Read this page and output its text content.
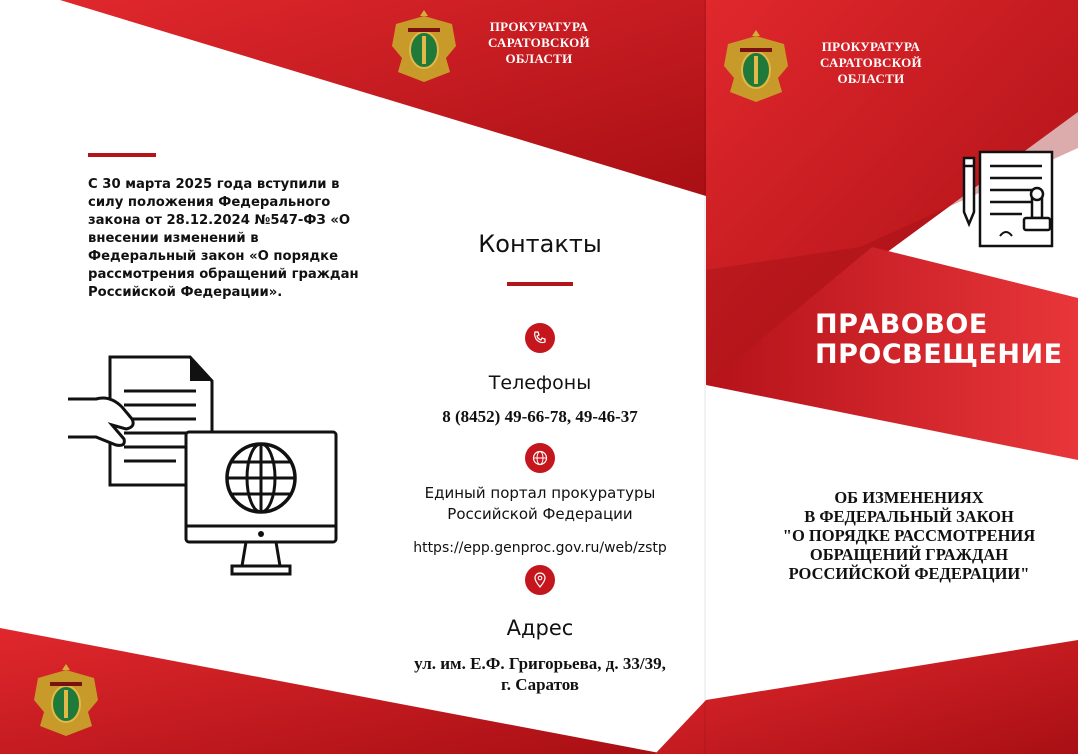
ПРОКУРАТУРА
САРАТОВСКОЙ
ОБЛАСТИ
ПРОКУРАТУРА
САРАТОВСКОЙ
ОБЛАСТИ
С 30 марта 2025 года вступили в силу положения Федерального закона от 28.12.2024 №547-ФЗ «О внесении изменений в Федеральный закон «О порядке рассмотрения обращений граждан Российской Федерации».
Контакты
Телефоны
8 (8452) 49-66-78, 49-46-37
Единый портал прокуратуры
Российской Федерации
https://epp.genproc.gov.ru/web/zstp
Адрес
ул. им. Е.Ф. Григорьева, д. 33/39,
г. Саратов
ПРАВОВОЕ
ПРОСВЕЩЕНИЕ
ОБ ИЗМЕНЕНИЯХ
В ФЕДЕРАЛЬНЫЙ ЗАКОН
"О ПОРЯДКЕ РАССМОТРЕНИЯ
ОБРАЩЕНИЙ ГРАЖДАН
РОССИЙСКОЙ ФЕДЕРАЦИИ"
